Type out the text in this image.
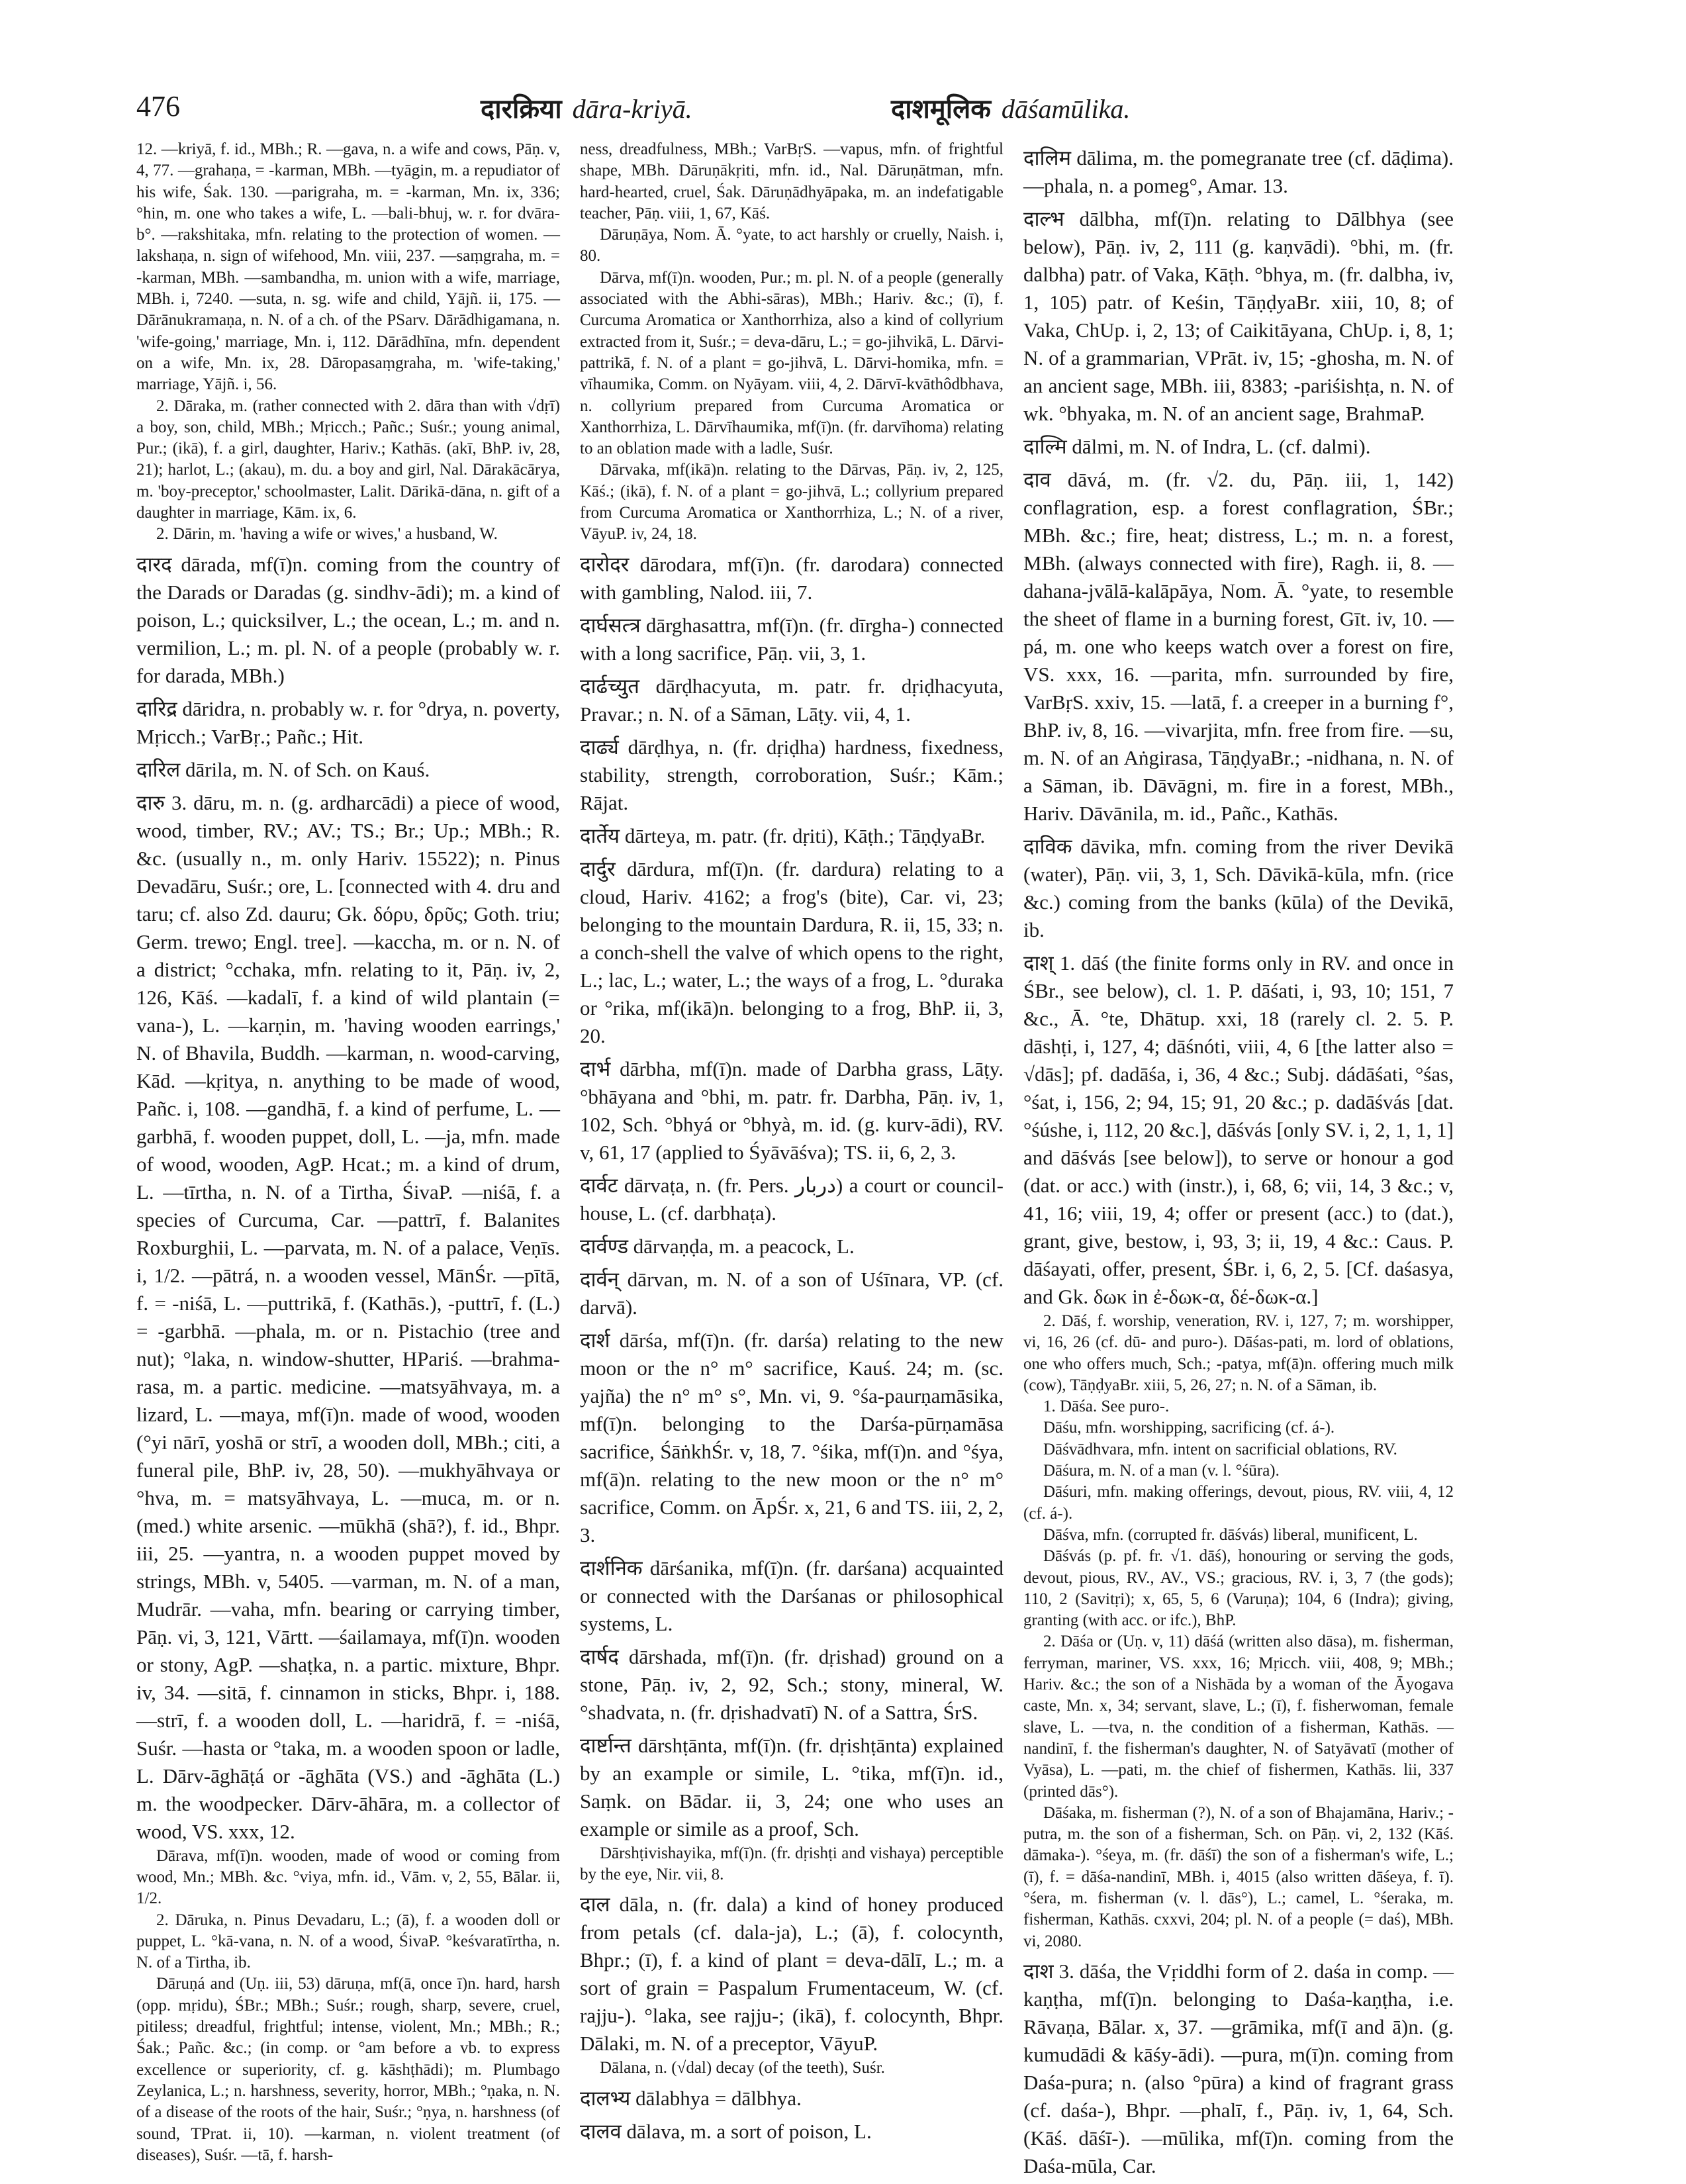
476	दारक्रिया dāra-kriyā.	दाशमूलिक dāśamūlika.

12. —kriyā, f. id., MBh.; R. —gava, n. a wife and cows, Pāṇ. v, 4, 77. —grahaṇa, = -karman, MBh. —tyāgin, m. a repudiator of his wife, Śak. 130. —parigraha, m. = -karman, Mn. ix, 336; °hin, m. one who takes a wife, L. —bali-bhuj, w. r. for dvāra-b°. —rakshitaka, mfn. relating to the protection of women. —lakshaṇa, n. sign of wifehood, Mn. viii, 237. —saṃgraha, m. = -karman, MBh. —sambandha, m. union with a wife, marriage, MBh. i, 7240. —suta, n. sg. wife and child, Yājñ. ii, 175. —Dārānukramaṇa, n. N. of a ch. of the PSarv. Dārādhigamana, n. 'wife-going,' marriage, Mn. i, 112. Dārādhīna, mfn. dependent on a wife, Mn. ix, 28. Dāropasaṃgraha, m. 'wife-taking,' marriage, Yājñ. i, 56.

2. Dāraka, m. (rather connected with 2. dāra than with √dṛī) a boy, son, child, MBh.; Mṛicch.; Pañc.; Suśr.; young animal, Pur.; (ikā), f. a girl, daughter, Hariv.; Kathās. (akī, BhP. iv, 28, 21); harlot, L.; (akau), m. du. a boy and girl, Nal. Dārakācārya, m. 'boy-preceptor,' schoolmaster, Lalit. Dārikā-dāna, n. gift of a daughter in marriage, Kām. ix, 6.

2. Dārin, m. 'having a wife or wives,' a husband, W.

दारद dārada, mf(ī)n. coming from the country of the Darads or Daradas (g. sindhv-ādi); m. a kind of poison, L.; quicksilver, L.; the ocean, L.; m. and n. vermilion, L.; m. pl. N. of a people (probably w. r. for darada, MBh.)

दारिद्र dāridra, n. probably w. r. for °drya, n. poverty, Mṛicch.; VarBṛ.; Pañc.; Hit.

दारिल dārila, m. N. of Sch. on Kauś.

दारु 3. dāru, m. n. (g. ardharcādi) a piece of wood, wood, timber, RV.; AV.; TS.; Br.; Up.; MBh.; R. &c. (usually n., m. only Hariv. 15522); n. Pinus Devadāru, Suśr.; ore, L. [connected with 4. dru and taru; cf. also Zd. dauru; Gk. δόρυ, δρῦς; Goth. triu; Germ. trewo; Engl. tree]. —kaccha, m. or n. N. of a district; °cchaka, mfn. relating to it, Pāṇ. iv, 2, 126, Kāś. —kadalī, f. a kind of wild plantain (= vana-), L. —karṇin, m. 'having wooden earrings,' N. of Bhavila, Buddh. —karman, n. wood-carving, Kād. —kṛitya, n. anything to be made of wood, Pañc. i, 108. —gandhā, f. a kind of perfume, L. —garbhā, f. wooden puppet, doll, L. —ja, mfn. made of wood, wooden, AgP. Hcat.; m. a kind of drum, L. —tīrtha, n. N. of a Tirtha, ŚivaP. —niśā, f. a species of Curcuma, Car. —pattrī, f. Balanites Roxburghii, L. —parvata, m. N. of a palace, Veṇīs. i, 1/2. —pātrá, n. a wooden vessel, MānŚr. —pītā, f. = -niśā, L. —puttrikā, f. (Kathās.), -puttrī, f. (L.) = -garbhā. —phala, m. or n. Pistachio (tree and nut); °laka, n. window-shutter, HPariś. —brahma-rasa, m. a partic. medicine. —matsyāhvaya, m. a lizard, L. —maya, mf(ī)n. made of wood, wooden (°yi nārī, yoshā or strī, a wooden doll, MBh.; citi, a funeral pile, BhP. iv, 28, 50). —mukhyāhvaya or °hva, m. = matsyāhvaya, L. —muca, m. or n. (med.) white arsenic. —mūkhā (shā?), f. id., Bhpr. iii, 25. —yantra, n. a wooden puppet moved by strings, MBh. v, 5405. —varman, m. N. of a man, Mudrār. —vaha, mfn. bearing or carrying timber, Pāṇ. vi, 3, 121, Vārtt. —śailamaya, mf(ī)n. wooden or stony, AgP. —shaṭka, n. a partic. mixture, Bhpr. iv, 34. —sitā, f. cinnamon in sticks, Bhpr. i, 188. —strī, f. a wooden doll, L. —haridrā, f. = -niśā, Suśr. —hasta or °taka, m. a wooden spoon or ladle, L. Dārv-āghāṭá or -āghāta (VS.) and -āghāta (L.) m. the woodpecker. Dārv-āhāra, m. a collector of wood, VS. xxx, 12.

Dārava, mf(ī)n. wooden, made of wood or coming from wood, Mn.; MBh. &c. °viya, mfn. id., Vām. v, 2, 55, Bālar. ii, 1/2.

2. Dāruka, n. Pinus Devadaru, L.; (ā), f. a wooden doll or puppet, L. °kā-vana, n. N. of a wood, ŚivaP. °keśvaratīrtha, n. N. of a Tirtha, ib.

Dāruṇá and (Uṇ. iii, 53) dāruṇa, mf(ā, once ī)n. hard, harsh (opp. mṛidu), ŚBr.; MBh.; Suśr.; rough, sharp, severe, cruel, pitiless; dreadful, frightful; intense, violent, Mn.; MBh.; R.; Śak.; Pañc. &c.; (in comp. or °am before a vb. to express excellence or superiority, cf. g. kāshṭhādi); m. Plumbago Zeylanica, L.; n. harshness, severity, horror, MBh.; °ṇaka, n. N. of a disease of the roots of the hair, Suśr.; °ṇya, n. harshness (of sound, TPrat. ii, 10). —karman, n. violent treatment (of diseases), Suśr. —tā, f. harsh-

ness, dreadfulness, MBh.; VarBṛS. —vapus, mfn. of frightful shape, MBh. Dāruṇākṛiti, mfn. id., Nal. Dāruṇātman, mfn. hard-hearted, cruel, Śak. Dāruṇādhyāpaka, m. an indefatigable teacher, Pāṇ. viii, 1, 67, Kāś.

Dāruṇāya, Nom. Ā. °yate, to act harshly or cruelly, Naish. i, 80.

Dārva, mf(ī)n. wooden, Pur.; m. pl. N. of a people (generally associated with the Abhi-sāras), MBh.; Hariv. &c.; (ī), f. Curcuma Aromatica or Xanthorrhiza, also a kind of collyrium extracted from it, Suśr.; = deva-dāru, L.; = go-jihvikā, L. Dārvi-pattrikā, f. N. of a plant = go-jihvā, L. Dārvi-homika, mfn. = vīhaumika, Comm. on Nyāyam. viii, 4, 2. Dārvī-kvāthôdbhava, n. collyrium prepared from Curcuma Aromatica or Xanthorrhiza, L. Dārvīhaumika, mf(ī)n. (fr. darvīhoma) relating to an oblation made with a ladle, Suśr.

Dārvaka, mf(ikā)n. relating to the Dārvas, Pāṇ. iv, 2, 125, Kāś.; (ikā), f. N. of a plant = go-jihvā, L.; collyrium prepared from Curcuma Aromatica or Xanthorrhiza, L.; N. of a river, VāyuP. iv, 24, 18.

दारोदर dārodara, mf(ī)n. (fr. darodara) connected with gambling, Nalod. iii, 7.

दार्घसत्त्र dārghasattra, mf(ī)n. (fr. dīrgha-) connected with a long sacrifice, Pāṇ. vii, 3, 1.

दार्ढच्युत dārḍhacyuta, m. patr. fr. dṛiḍhacyuta, Pravar.; n. N. of a Sāman, Lāṭy. vii, 4, 1.

दार्ढ्य dārḍhya, n. (fr. dṛiḍha) hardness, fixedness, stability, strength, corroboration, Suśr.; Kām.; Rājat.

दार्तेय dārteya, m. patr. (fr. dṛiti), Kāṭh.; TāṇḍyaBr.

दार्दुर dārdura, mf(ī)n. (fr. dardura) relating to a cloud, Hariv. 4162; a frog's (bite), Car. vi, 23; belonging to the mountain Dardura, R. ii, 15, 33; n. a conch-shell the valve of which opens to the right, L.; lac, L.; water, L.; the ways of a frog, L. °duraka or °rika, mf(ikā)n. belonging to a frog, BhP. ii, 3, 20.

दार्भ dārbha, mf(ī)n. made of Darbha grass, Lāṭy. °bhāyana and °bhi, m. patr. fr. Darbha, Pāṇ. iv, 1, 102, Sch. °bhyá or °bhyà, m. id. (g. kurv-ādi), RV. v, 61, 17 (applied to Śyāvāśva); TS. ii, 6, 2, 3.

दार्वट dārvaṭa, n. (fr. Pers. دربار) a court or council-house, L. (cf. darbhaṭa).

दार्वण्ड dārvaṇḍa, m. a peacock, L.

दार्वन् dārvan, m. N. of a son of Uśīnara, VP. (cf. darvā).

दार्श dārśa, mf(ī)n. (fr. darśa) relating to the new moon or the n° m° sacrifice, Kauś. 24; m. (sc. yajña) the n° m° s°, Mn. vi, 9. °śa-paurṇamāsika, mf(ī)n. belonging to the Darśa-pūrṇamāsa sacrifice, ŚāṅkhŚr. v, 18, 7. °śika, mf(ī)n. and °śya, mf(ā)n. relating to the new moon or the n° m° sacrifice, Comm. on ĀpŚr. x, 21, 6 and TS. iii, 2, 2, 3.

दार्शनिक dārśanika, mf(ī)n. (fr. darśana) acquainted or connected with the Darśanas or philosophical systems, L.

दार्षद dārshada, mf(ī)n. (fr. dṛishad) ground on a stone, Pāṇ. iv, 2, 92, Sch.; stony, mineral, W. °shadvata, n. (fr. dṛishadvatī) N. of a Sattra, ŚrS.

दार्ष्टान्त dārshṭānta, mf(ī)n. (fr. dṛishṭānta) explained by an example or simile, L. °tika, mf(ī)n. id., Saṃk. on Bādar. ii, 3, 24; one who uses an example or simile as a proof, Sch.

Dārshṭivishayika, mf(ī)n. (fr. dṛishṭi and vishaya) perceptible by the eye, Nir. vii, 8.

दाल dāla, n. (fr. dala) a kind of honey produced from petals (cf. dala-ja), L.; (ā), f. colocynth, Bhpr.; (ī), f. a kind of plant = deva-dālī, L.; m. a sort of grain = Paspalum Frumentaceum, W. (cf. rajju-). °laka, see rajju-; (ikā), f. colocynth, Bhpr. Dālaki, m. N. of a preceptor, VāyuP.

Dālana, n. (√dal) decay (of the teeth), Suśr.

दालभ्य dālabhya = dālbhya.

दालव dālava, m. a sort of poison, L.

दालिम dālima, m. the pomegranate tree (cf. dāḍima). —phala, n. a pomeg°, Amar. 13.

दाल्भ dālbha, mf(ī)n. relating to Dālbhya (see below), Pāṇ. iv, 2, 111 (g. kaṇvādi). °bhi, m. (fr. dalbha) patr. of Vaka, Kāṭh. °bhya, m. (fr. dalbha, iv, 1, 105) patr. of Keśin, TāṇḍyaBr. xiii, 10, 8; of Vaka, ChUp. i, 2, 13; of Caikitāyana, ChUp. i, 8, 1; N. of a grammarian, VPrāt. iv, 15; -ghosha, m. N. of an ancient sage, MBh. iii, 8383; -pariśishṭa, n. N. of wk. °bhyaka, m. N. of an ancient sage, BrahmaP.

दाल्मि dālmi, m. N. of Indra, L. (cf. dalmi).

दाव dāvá, m. (fr. √2. du, Pāṇ. iii, 1, 142) conflagration, esp. a forest conflagration, ŚBr.; MBh. &c.; fire, heat; distress, L.; m. n. a forest, MBh. (always connected with fire), Ragh. ii, 8. —dahana-jvālā-kalāpāya, Nom. Ā. °yate, to resemble the sheet of flame in a burning forest, Gīt. iv, 10. —pá, m. one who keeps watch over a forest on fire, VS. xxx, 16. —parita, mfn. surrounded by fire, VarBṛS. xxiv, 15. —latā, f. a creeper in a burning f°, BhP. iv, 8, 16. —vivarjita, mfn. free from fire. —su, m. N. of an Aṅgirasa, TāṇḍyaBr.; -nidhana, n. N. of a Sāman, ib. Dāvāgni, m. fire in a forest, MBh., Hariv. Dāvānila, m. id., Pañc., Kathās.

दाविक dāvika, mfn. coming from the river Devikā (water), Pāṇ. vii, 3, 1, Sch. Dāvikā-kūla, mfn. (rice &c.) coming from the banks (kūla) of the Devikā, ib.

दाश् 1. dāś (the finite forms only in RV. and once in ŚBr., see below), cl. 1. P. dāśati, i, 93, 10; 151, 7 &c., Ā. °te, Dhātup. xxi, 18 (rarely cl. 2. 5. P. dāshṭi, i, 127, 4; dāśnóti, viii, 4, 6 [the latter also = √dās]; pf. dadāśa, i, 36, 4 &c.; Subj. dádāśati, °śas, °śat, i, 156, 2; 94, 15; 91, 20 &c.; p. dadāśvás [dat. °śúshe, i, 112, 20 &c.], dāśvás [only SV. i, 2, 1, 1, 1] and dāśvás [see below]), to serve or honour a god (dat. or acc.) with (instr.), i, 68, 6; vii, 14, 3 &c.; v, 41, 16; viii, 19, 4; offer or present (acc.) to (dat.), grant, give, bestow, i, 93, 3; ii, 19, 4 &c.: Caus. P. dāśayati, offer, present, ŚBr. i, 6, 2, 5. [Cf. daśasya, and Gk. δωκ in ἐ-δωκ-α, δέ-δωκ-α.]

2. Dāś, f. worship, veneration, RV. i, 127, 7; m. worshipper, vi, 16, 26 (cf. dū- and puro-). Dāśas-pati, m. lord of oblations, one who offers much, Sch.; -patya, mf(ā)n. offering much milk (cow), TāṇḍyaBr. xiii, 5, 26, 27; n. N. of a Sāman, ib.

1. Dāśa. See puro-.

Dāśu, mfn. worshipping, sacrificing (cf. á-).

Dāśvādhvara, mfn. intent on sacrificial oblations, RV.

Dāśura, m. N. of a man (v. l. °śūra).

Dāśuri, mfn. making offerings, devout, pious, RV. viii, 4, 12 (cf. á-).

Dāśva, mfn. (corrupted fr. dāśvás) liberal, munificent, L.

Dāśvás (p. pf. fr. √1. dāś), honouring or serving the gods, devout, pious, RV., AV., VS.; gracious, RV. i, 3, 7 (the gods); 110, 2 (Savitṛi); x, 65, 5, 6 (Varuṇa); 104, 6 (Indra); giving, granting (with acc. or ifc.), BhP.

2. Dāśa or (Uṇ. v, 11) dāśá (written also dāsa), m. fisherman, ferryman, mariner, VS. xxx, 16; Mṛicch. viii, 408, 9; MBh.; Hariv. &c.; the son of a Nishāda by a woman of the Āyogava caste, Mn. x, 34; servant, slave, L.; (ī), f. fisherwoman, female slave, L. —tva, n. the condition of a fisherman, Kathās. —nandinī, f. the fisherman's daughter, N. of Satyāvatī (mother of Vyāsa), L. —pati, m. the chief of fishermen, Kathās. lii, 337 (printed dās°).

Dāśaka, m. fisherman (?), N. of a son of Bhajamāna, Hariv.; -putra, m. the son of a fisherman, Sch. on Pāṇ. vi, 2, 132 (Kāś. dāmaka-). °śeya, m. (fr. dāśī) the son of a fisherman's wife, L.; (ī), f. = dāśa-nandinī, MBh. i, 4015 (also written dāśeya, f. ī). °śera, m. fisherman (v. l. dās°), L.; camel, L. °śeraka, m. fisherman, Kathās. cxxvi, 204; pl. N. of a people (= daś), MBh. vi, 2080.

दाश 3. dāśa, the Vṛiddhi form of 2. daśa in comp. —kaṇṭha, mf(ī)n. belonging to Daśa-kaṇṭha, i.e. Rāvaṇa, Bālar. x, 37. —grāmika, mf(ī and ā)n. (g. kumudādi & kāśy-ādi). —pura, m(ī)n. coming from Daśa-pura; n. (also °pūra) a kind of fragrant grass (cf. daśa-), Bhpr. —phalī, f., Pāṇ. iv, 1, 64, Sch. (Kāś. dāśī-). —mūlika, mf(ī)n. coming from the Daśa-mūla, Car.
